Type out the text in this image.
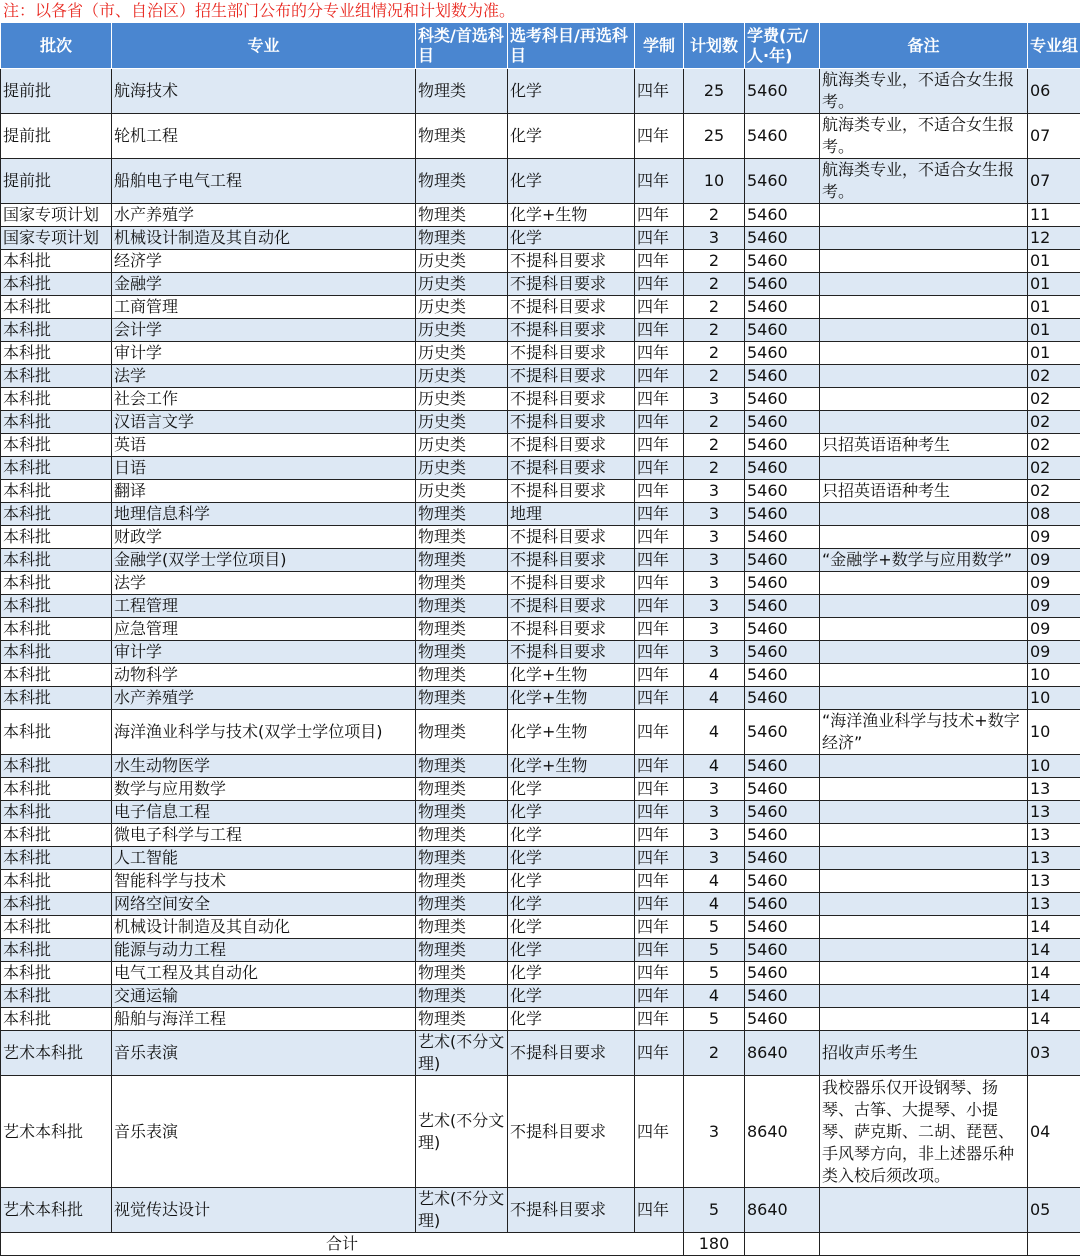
注：以各省（市、自治区）招生部门公布的分专业组情况和计划数为准。
批次	专业	科类/首选科目	选考科目/再选科目	学制	计划数	学费(元/人·年)	备注	专业组
提前批	航海技术	物理类	化学	四年	25	5460	航海类专业，不适合女生报考。	06
提前批	轮机工程	物理类	化学	四年	25	5460	航海类专业，不适合女生报考。	07
提前批	船舶电子电气工程	物理类	化学	四年	10	5460	航海类专业，不适合女生报考。	07
国家专项计划	水产养殖学	物理类	化学+生物	四年	2	5460		11
国家专项计划	机械设计制造及其自动化	物理类	化学	四年	3	5460		12
本科批	经济学	历史类	不提科目要求	四年	2	5460		01
本科批	金融学	历史类	不提科目要求	四年	2	5460		01
本科批	工商管理	历史类	不提科目要求	四年	2	5460		01
本科批	会计学	历史类	不提科目要求	四年	2	5460		01
本科批	审计学	历史类	不提科目要求	四年	2	5460		01
本科批	法学	历史类	不提科目要求	四年	2	5460		02
本科批	社会工作	历史类	不提科目要求	四年	3	5460		02
本科批	汉语言文学	历史类	不提科目要求	四年	2	5460		02
本科批	英语	历史类	不提科目要求	四年	2	5460	只招英语语种考生	02
本科批	日语	历史类	不提科目要求	四年	2	5460		02
本科批	翻译	历史类	不提科目要求	四年	3	5460	只招英语语种考生	02
本科批	地理信息科学	物理类	地理	四年	3	5460		08
本科批	财政学	物理类	不提科目要求	四年	3	5460		09
本科批	金融学(双学士学位项目)	物理类	不提科目要求	四年	3	5460	“金融学+数学与应用数学”	09
本科批	法学	物理类	不提科目要求	四年	3	5460		09
本科批	工程管理	物理类	不提科目要求	四年	3	5460		09
本科批	应急管理	物理类	不提科目要求	四年	3	5460		09
本科批	审计学	物理类	不提科目要求	四年	3	5460		09
本科批	动物科学	物理类	化学+生物	四年	4	5460		10
本科批	水产养殖学	物理类	化学+生物	四年	4	5460		10
本科批	海洋渔业科学与技术(双学士学位项目)	物理类	化学+生物	四年	4	5460	“海洋渔业科学与技术+数字经济”	10
本科批	水生动物医学	物理类	化学+生物	四年	4	5460		10
本科批	数学与应用数学	物理类	化学	四年	3	5460		13
本科批	电子信息工程	物理类	化学	四年	3	5460		13
本科批	微电子科学与工程	物理类	化学	四年	3	5460		13
本科批	人工智能	物理类	化学	四年	3	5460		13
本科批	智能科学与技术	物理类	化学	四年	4	5460		13
本科批	网络空间安全	物理类	化学	四年	4	5460		13
本科批	机械设计制造及其自动化	物理类	化学	四年	5	5460		14
本科批	能源与动力工程	物理类	化学	四年	5	5460		14
本科批	电气工程及其自动化	物理类	化学	四年	5	5460		14
本科批	交通运输	物理类	化学	四年	4	5460		14
本科批	船舶与海洋工程	物理类	化学	四年	5	5460		14
艺术本科批	音乐表演	艺术(不分文理)	不提科目要求	四年	2	8640	招收声乐考生	03
艺术本科批	音乐表演	艺术(不分文理)	不提科目要求	四年	3	8640	我校器乐仅开设钢琴、扬琴、古筝、大提琴、小提琴、萨克斯、二胡、琵琶、手风琴方向，非上述器乐种类入校后须改项。	04
艺术本科批	视觉传达设计	艺术(不分文理)	不提科目要求	四年	5	8640		05
合计					180			
